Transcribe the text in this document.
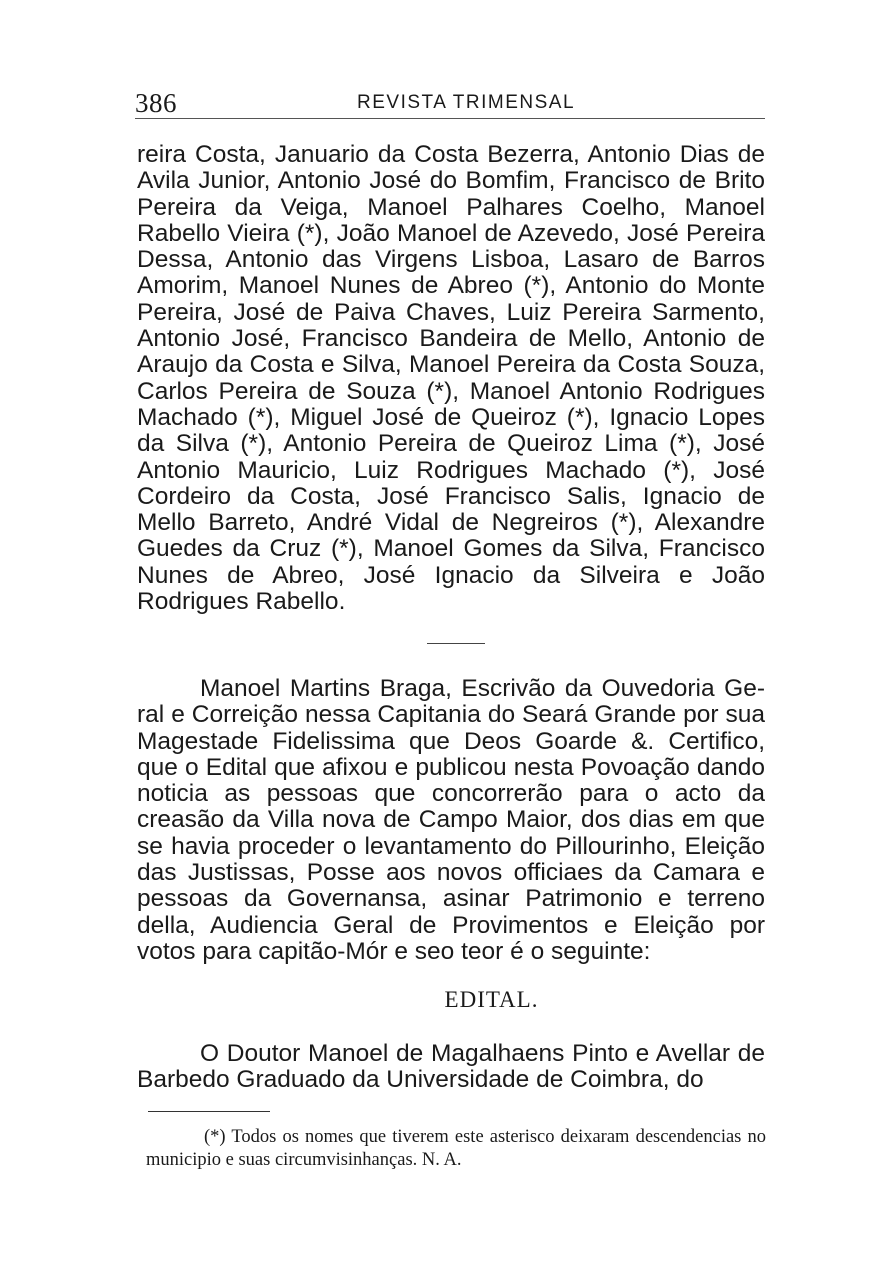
386	REVISTA TRIMENSAL

reira Costa, Januario da Costa Bezerra, Antonio Dias de Avila Junior, Antonio José do Bomfim, Francisco de Brito Pereira da Veiga, Manoel Palhares Coelho, Manoel Rabello Vieira (*), João Manoel de Azevedo, José Pereira Dessa, Antonio das Virgens Lisboa, Lasaro de Barros Amorim, Manoel Nunes de Abreo (*), Antonio do Monte Pereira, José de Paiva Chaves, Luiz Pereira Sarmento, Antonio José, Francisco Bandeira de Mello, Antonio de Araujo da Costa e Silva, Manoel Pereira da Costa Souza, Carlos Pereira de Souza (*), Manoel Antonio Rodrigues Machado (*), Miguel José de Queiroz (*), Ignacio Lopes da Silva (*), Antonio Pereira de Queiroz Lima (*), José Antonio Mauricio, Luiz Rodrigues Machado (*), José Cordeiro da Costa, José Francisco Salis, Ignacio de Mello Barreto, André Vidal de Negreiros (*), Alexandre Guedes da Cruz (*), Manoel Gomes da Silva, Francisco Nunes de Abreo, José Ignacio da Silveira e João Rodrigues Rabello.

Manoel Martins Braga, Escrivão da Ouvedoria Geral e Correição nessa Capitania do Seará Grande por sua Magestade Fidelissima que Deos Goarde &. Certifico, que o Edital que afixou e publicou nesta Povoação dando noticia as pessoas que concorrerão para o acto da creasão da Villa nova de Campo Maior, dos dias em que se havia proceder o levantamento do Pillourinho, Eleição das Justissas, Posse aos novos officiaes da Camara e pessoas da Governansa, asinar Patrimonio e terreno della, Audiencia Geral de Provimentos e Eleição por votos para capitão-Mór e seo teor é o seguinte:

EDITAL.

O Doutor Manoel de Magalhaens Pinto e Avellar de Barbedo Graduado da Universidade de Coimbra, do

(*) Todos os nomes que tiverem este asterisco deixaram descendencias no municipio e suas circumvisinhanças. N. A.
